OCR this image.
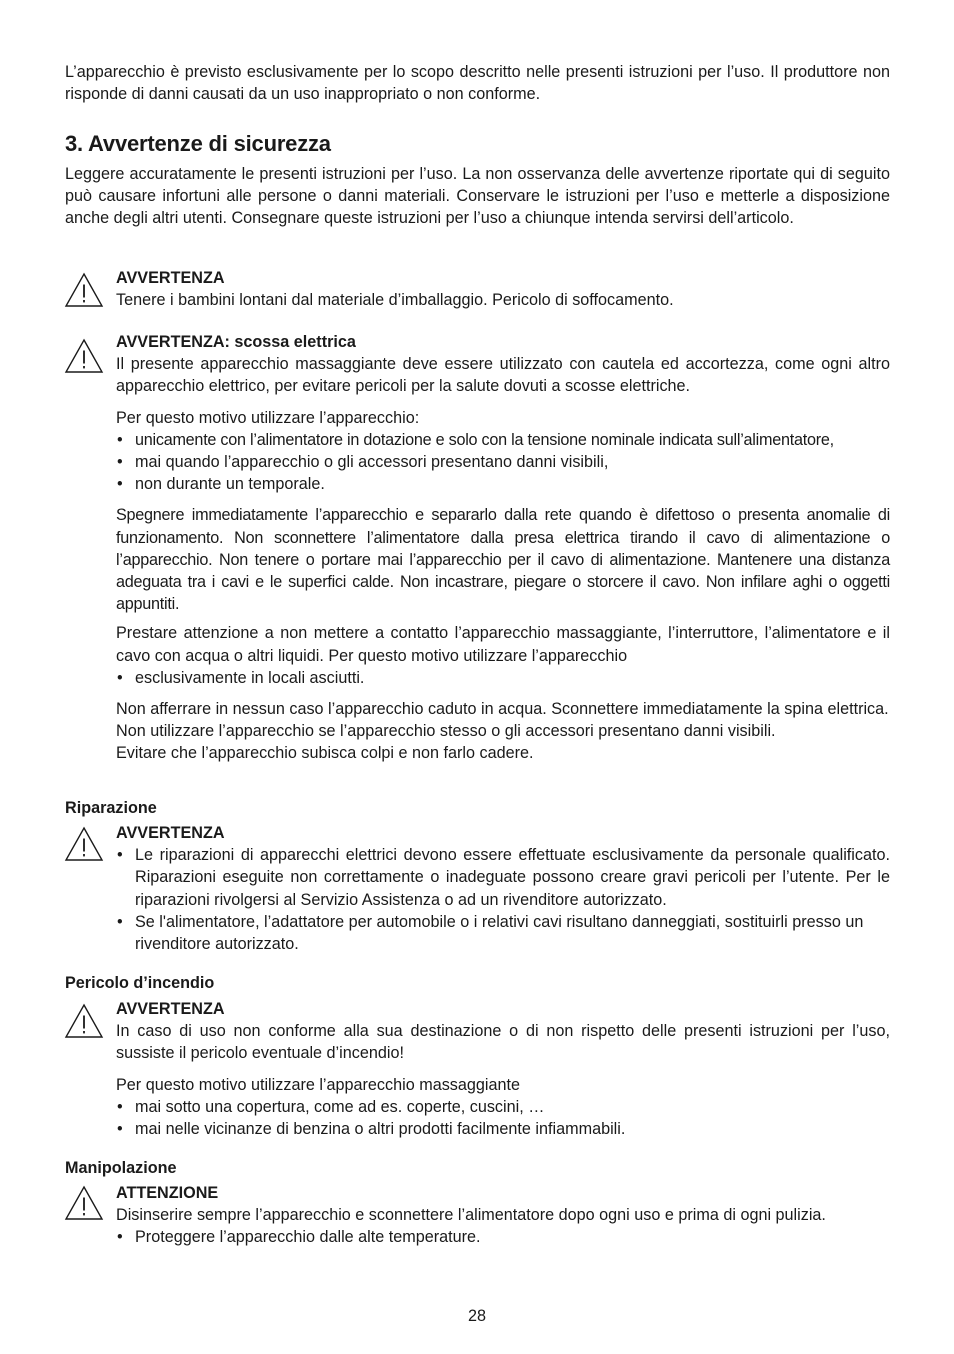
L’apparecchio è previsto esclusivamente per lo scopo descritto nelle presenti istruzioni per l’uso. Il produttore non risponde di danni causati da un uso inappropriato o non conforme.

3. Avvertenze di sicurezza

Leggere accuratamente le presenti istruzioni per l’uso. La non osservanza delle avvertenze riportate qui di seguito può causare infortuni alle persone o danni materiali. Conservare le istruzioni per l’uso e metterle a disposizione anche degli altri utenti. Consegnare queste istruzioni per l’uso a chiunque intenda servirsi dell’articolo.

AVVERTENZA

Tenere i bambini lontani dal materiale d’imballaggio. Pericolo di soffocamento.

AVVERTENZA: scossa elettrica

Il presente apparecchio massaggiante deve essere utilizzato con cautela ed accortezza, come ogni altro apparecchio elettrico, per evitare pericoli per la salute dovuti a scosse elettriche.

Per questo motivo utilizzare l’apparecchio:

• unicamente con l’alimentatore in dotazione e solo con la tensione nominale indicata sull’alimentatore,
• mai quando l’apparecchio o gli accessori presentano danni visibili,
• non durante un temporale.

Spegnere immediatamente l’apparecchio e separarlo dalla rete quando è difettoso o presenta anomalie di funzionamento. Non sconnettere l’alimentatore dalla presa elettrica tirando il cavo di alimentazione o l’apparecchio. Non tenere o portare mai l’apparecchio per il cavo di alimentazione. Mantenere una distanza adeguata tra i cavi e le superfici calde. Non incastrare, piegare o storcere il cavo. Non infilare aghi o oggetti appuntiti.

Prestare attenzione a non mettere a contatto l’apparecchio massaggiante, l’interruttore, l’alimentatore e il cavo con acqua o altri liquidi. Per questo motivo utilizzare l’apparecchio

• esclusivamente in locali asciutti.

Non afferrare in nessun caso l’apparecchio caduto in acqua. Sconnettere immediatamente la spina elettrica.

Non utilizzare l’apparecchio se l’apparecchio stesso o gli accessori presentano danni visibili.

Evitare che l’apparecchio subisca colpi e non farlo cadere.

Riparazione

AVVERTENZA

• Le riparazioni di apparecchi elettrici devono essere effettuate esclusivamente da personale qualificato. Riparazioni eseguite non correttamente o inadeguate possono creare gravi pericoli per l’utente. Per le riparazioni rivolgersi al Servizio Assistenza o ad un rivenditore autorizzato.
• Se l'alimentatore, l’adattatore per automobile o i relativi cavi risultano danneggiati, sostituirli presso un rivenditore autorizzato.

Pericolo d’incendio

AVVERTENZA

In caso di uso non conforme alla sua destinazione o di non rispetto delle presenti istruzioni per l’uso, sussiste il pericolo eventuale d’incendio!

Per questo motivo utilizzare l’apparecchio massaggiante

• mai sotto una copertura, come ad es. coperte, cuscini, …
• mai nelle vicinanze di benzina o altri prodotti facilmente infiammabili.

Manipolazione

ATTENZIONE

Disinserire sempre l’apparecchio e sconnettere l’alimentatore dopo ogni uso e prima di ogni pulizia.

• Proteggere l’apparecchio dalle alte temperature.

28
